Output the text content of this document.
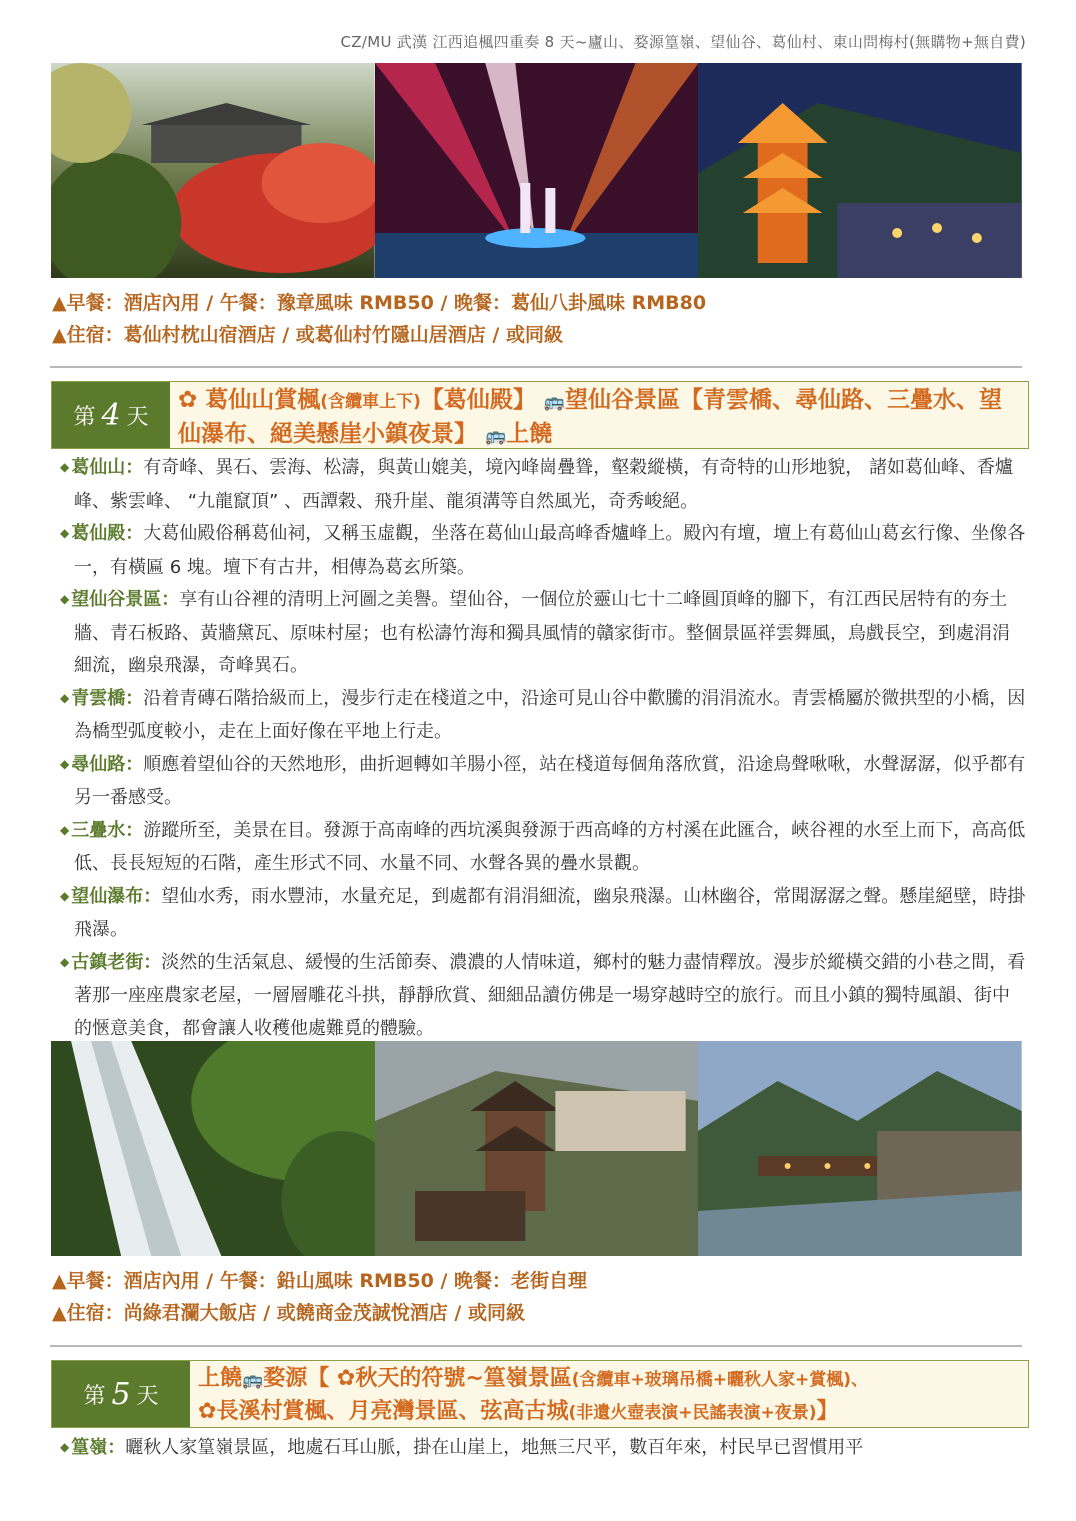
CZ/MU 武漢 江西追楓四重奏 8 天~廬山、婺源篁嶺、望仙谷、葛仙村、東山問梅村(無購物+無自費)
▲早餐：酒店內用 / 午餐：豫章風味 RMB50 / 晚餐：葛仙八卦風味 RMB80
▲住宿：葛仙村枕山宿酒店 / 或葛仙村竹隱山居酒店 / 或同級
第 4 天
✿ 葛仙山賞楓(含纜車上下)【葛仙殿】 🚌望仙谷景區【青雲橋、尋仙路、三疊水、望仙瀑布、絕美懸崖小鎮夜景】 🚌上饒

◆ 葛仙山：有奇峰、異石、雲海、松濤，與黃山媲美，境內峰崗疊聳，壑穀縱橫，有奇特的山形地貌， 諸如葛仙峰、香爐峰、紫雲峰、 “九龍竄頂” 、西譚穀、飛升崖、龍須溝等自然風光，奇秀峻絕。

◆ 葛仙殿：大葛仙殿俗稱葛仙祠，又稱玉虛觀，坐落在葛仙山最高峰香爐峰上。殿內有壇，壇上有葛仙山葛玄行像、坐像各一，有橫匾 6 塊。壇下有古井，相傳為葛玄所築。

◆ 望仙谷景區：享有山谷裡的清明上河圖之美譽。望仙谷，一個位於靈山七十二峰圓頂峰的腳下，有江西民居特有的夯土牆、青石板路、黃牆黛瓦、原味村屋；也有松濤竹海和獨具風情的贛家街市。整個景區祥雲舞風，鳥戲長空，到處涓涓細流，幽泉飛瀑，奇峰異石。

◆ 青雲橋：沿着青磚石階拾級而上，漫步行走在棧道之中，沿途可見山谷中歡騰的涓涓流水。青雲橋屬於微拱型的小橋，因為橋型弧度較小，走在上面好像在平地上行走。

◆ 尋仙路：順應着望仙谷的天然地形，曲折迴轉如羊腸小徑，站在棧道每個角落欣賞，沿途鳥聲啾啾，水聲潺潺，似乎都有另一番感受。

◆ 三疊水：游蹤所至，美景在目。發源于高南峰的西坑溪與發源于西高峰的方村溪在此匯合，峽谷裡的水至上而下，高高低低、長長短短的石階，產生形式不同、水量不同、水聲各異的疊水景觀。

◆ 望仙瀑布：望仙水秀，雨水豐沛，水量充足，到處都有涓涓細流，幽泉飛瀑。山林幽谷，常聞潺潺之聲。懸崖絕壁，時掛飛瀑。

◆ 古鎮老街：淡然的生活氣息、緩慢的生活節奏、濃濃的人情味道，鄉村的魅力盡情釋放。漫步於縱橫交錯的小巷之間，看著那一座座農家老屋，一層層雕花斗拱，靜靜欣賞、細細品讀仿佛是一場穿越時空的旅行。而且小鎮的獨特風韻、街中的愜意美食，都會讓人收穫他處難覓的體驗。

▲早餐：酒店內用 / 午餐：鉛山風味 RMB50 / 晚餐：老街自理
▲住宿：尚綠君瀾大飯店 / 或饒商金茂誠悅酒店 / 或同級
第 5 天
上饒🚌婺源【 ✿秋天的符號~篁嶺景區(含纜車+玻璃吊橋+曬秋人家+賞楓)、
✿長溪村賞楓、月亮灣景區、弦高古城(非遺火壺表演+民謠表演+夜景)】

◆ 篁嶺：曬秋人家篁嶺景區，地處石耳山脈，掛在山崖上，地無三尺平，數百年來，村民早已習慣用平
